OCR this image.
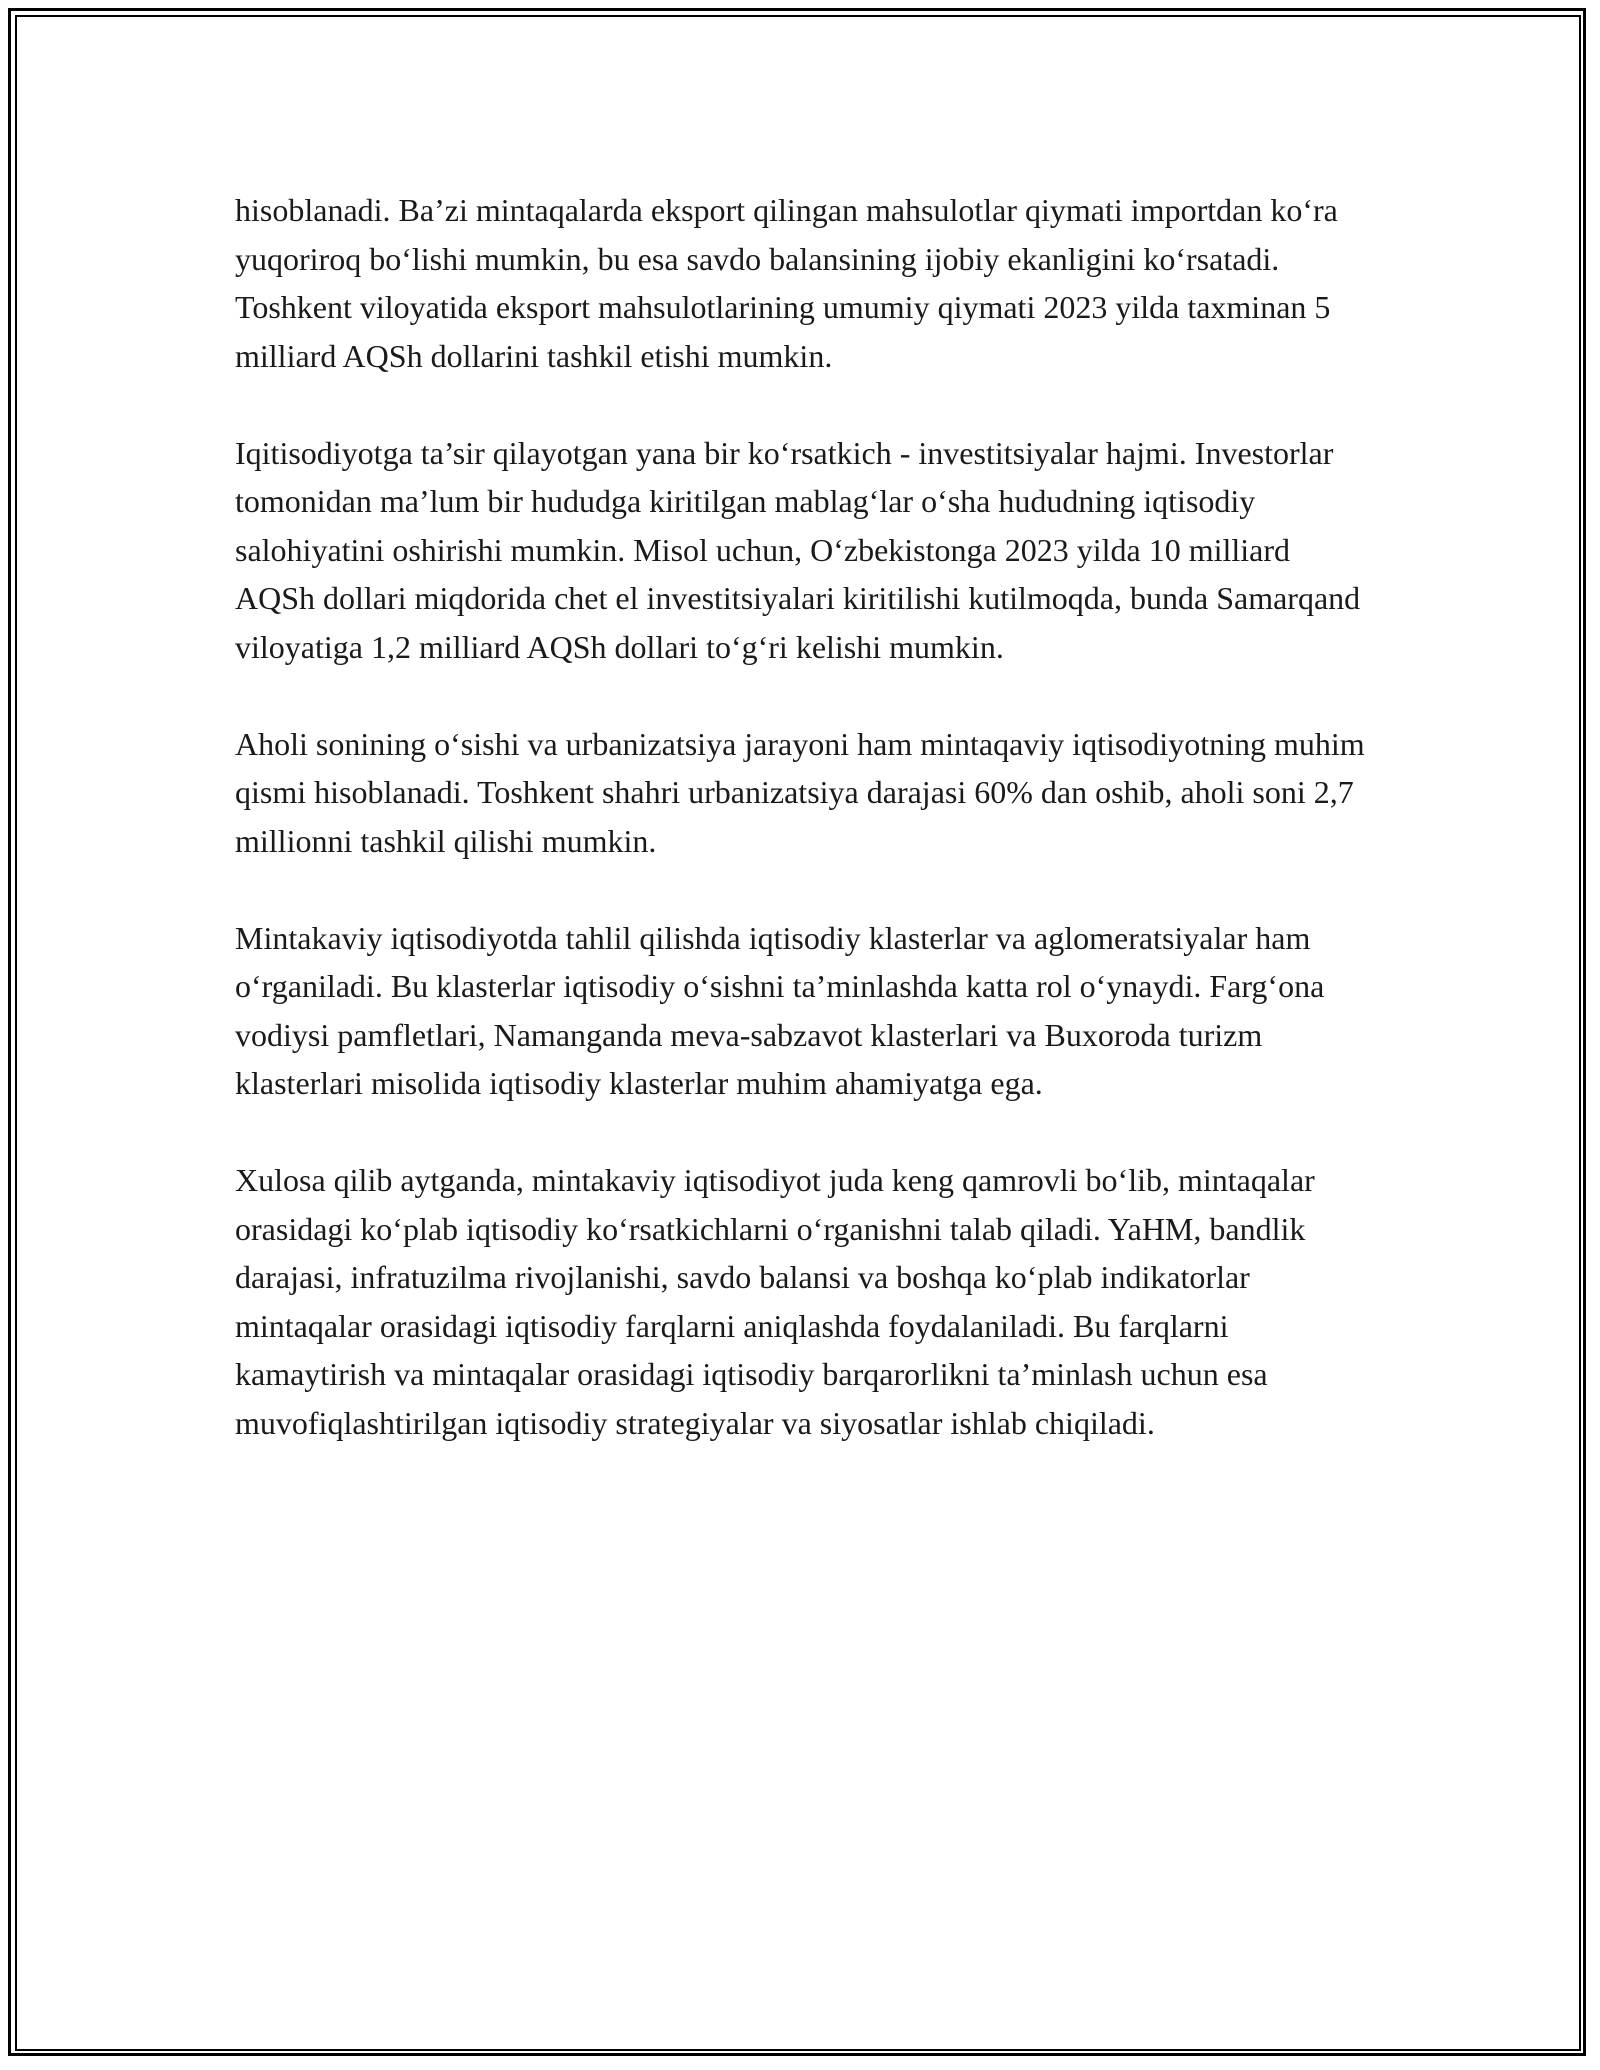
hisoblanadi. Ba’zi mintaqalarda eksport qilingan mahsulotlar qiymati importdan koʻra yuqoriroq boʻlishi mumkin, bu esa savdo balansining ijobiy ekanligini koʻrsatadi. Toshkent viloyatida eksport mahsulotlarining umumiy qiymati 2023 yilda taxminan 5 milliard AQSh dollarini tashkil etishi mumkin.

Iqitisodiyotga ta’sir qilayotgan yana bir koʻrsatkich - investitsiyalar hajmi. Investorlar tomonidan ma’lum bir hududga kiritilgan mablagʻlar oʻsha hududning iqtisodiy salohiyatini oshirishi mumkin. Misol uchun, Oʻzbekistonga 2023 yilda 10 milliard AQSh dollari miqdorida chet el investitsiyalari kiritilishi kutilmoqda, bunda Samarqand viloyatiga 1,2 milliard AQSh dollari toʻgʻri kelishi mumkin.

Aholi sonining oʻsishi va urbanizatsiya jarayoni ham mintaqaviy iqtisodiyotning muhim qismi hisoblanadi. Toshkent shahri urbanizatsiya darajasi 60% dan oshib, aholi soni 2,7 millionni tashkil qilishi mumkin.

Mintakaviy iqtisodiyotda tahlil qilishda iqtisodiy klasterlar va aglomeratsiyalar ham oʻrganiladi. Bu klasterlar iqtisodiy oʻsishni ta’minlashda katta rol oʻynaydi. Fargʻona vodiysi pamfletlari, Namanganda meva-sabzavot klasterlari va Buxoroda turizm klasterlari misolida iqtisodiy klasterlar muhim ahamiyatga ega.

Xulosa qilib aytganda, mintakaviy iqtisodiyot juda keng qamrovli boʻlib, mintaqalar orasidagi koʻplab iqtisodiy koʻrsatkichlarni oʻrganishni talab qiladi. YaHM, bandlik darajasi, infratuzilma rivojlanishi, savdo balansi va boshqa koʻplab indikatorlar mintaqalar orasidagi iqtisodiy farqlarni aniqlashda foydalaniladi. Bu farqlarni kamaytirish va mintaqalar orasidagi iqtisodiy barqarorlikni ta’minlash uchun esa muvofiqlashtirilgan iqtisodiy strategiyalar va siyosatlar ishlab chiqiladi.
